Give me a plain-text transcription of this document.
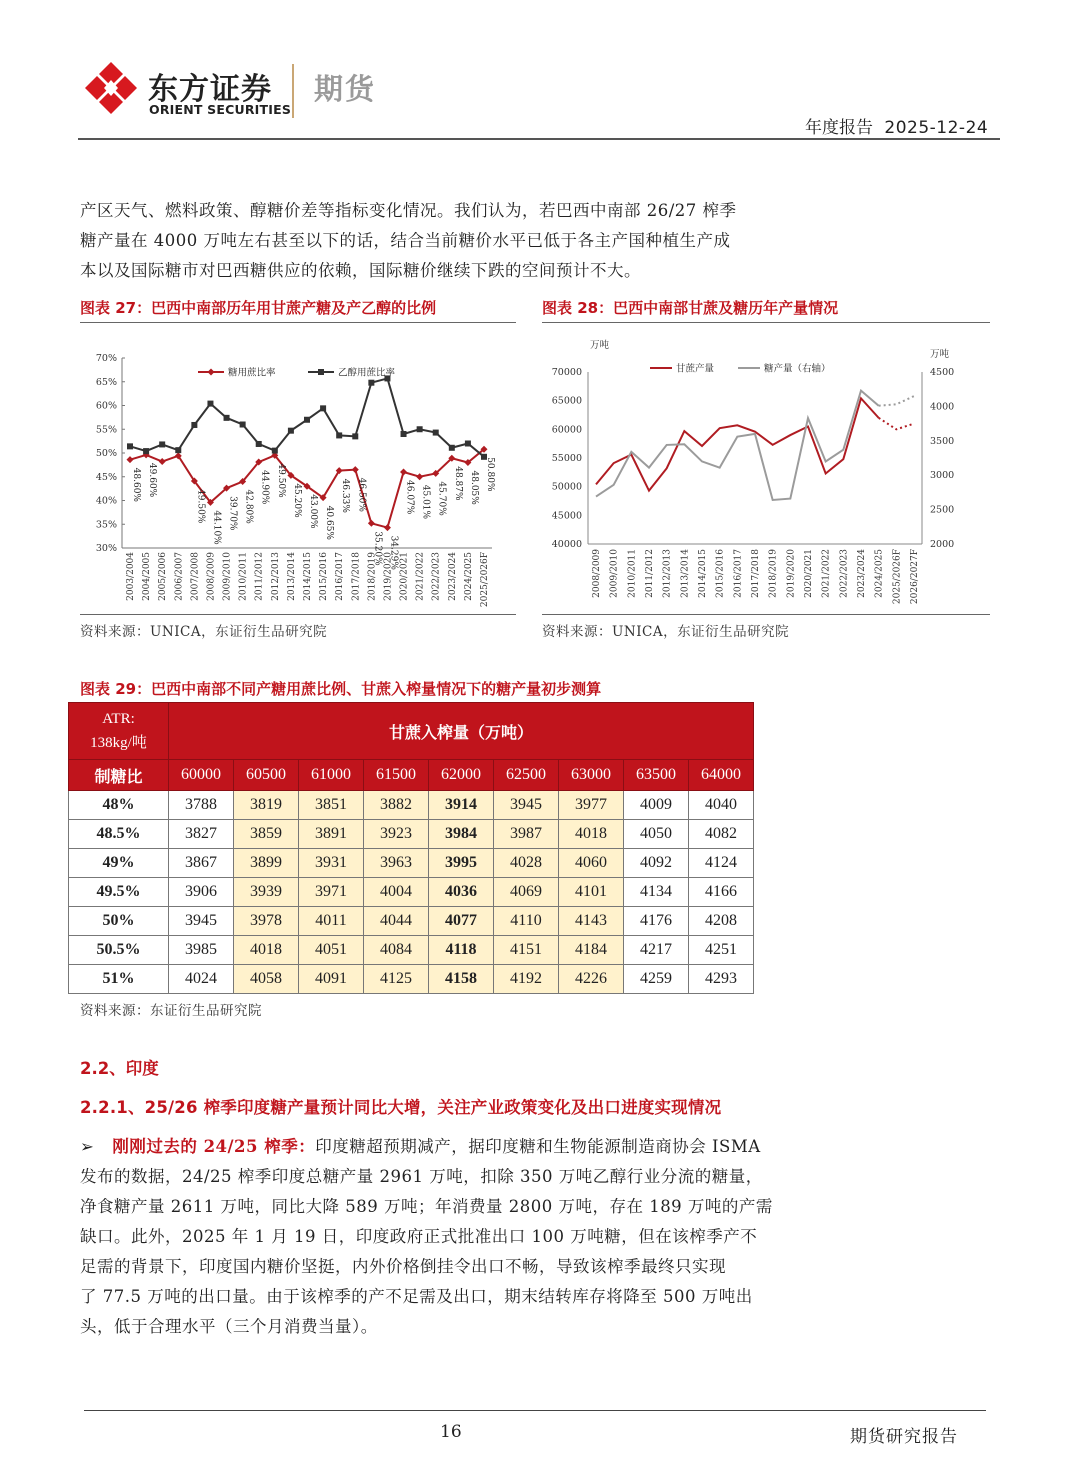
东方证券
ORIENT SECURITIES
期货
年度报告 2025-12-24
产区天气、燃料政策、醇糖价差等指标变化情况。我们认为，若巴西中南部 26/27 榨季
糖产量在 4000 万吨左右甚至以下的话，结合当前糖价水平已低于各主产国种植生产成
本以及国际糖市对巴西糖供应的依赖，国际糖价继续下跌的空间预计不大。
图表 27：巴西中南部历年用甘蔗产糖及产乙醇的比例
30%
35%
40%
45%
50%
55%
60%
65%
70%
2003/2004 2004/2005 2005/2006 2006/2007 2007/2008 2008/2009 2009/2010 2010/2011 2011/2012 2012/2013 2013/2014 2014/2015 2015/2016 2016/2017 2017/2018 2018/2019 2019/2020 2020/2021 2021/2022 2022/2023 2023/2024 2024/2025 2025/2026F
48.60% 49.60%
49.50%
44.10% 39.70% 42.80%
44.90% 49.50%
45.20% 43.00% 40.65%
46.33% 46.50%
35.20% 34.29%
46.07% 45.01% 45.70% 48.87% 48.05% 50.80%
糖用蔗比率	乙醇用蔗比率
资料来源：UNICA，东证衍生品研究院
图表 28：巴西中南部甘蔗及糖历年产量情况
万吨
万吨
40000
45000
50000
55000
60000
65000
70000
2000
2500
3000
3500
4000
4500
2008/2009 2009/2010 2010/2011 2011/2012 2012/2013 2013/2014 2014/2015 2015/2016 2016/2017 2017/2018 2018/2019 2019/2020 2020/2021 2021/2022 2022/2023 2023/2024 2024/2025 2025/2026F 2026/2027F
甘蔗产量	糖产量（右轴）
资料来源：UNICA，东证衍生品研究院
图表 29：巴西中南部不同产糖用蔗比例、甘蔗入榨量情况下的糖产量初步测算
ATR:
138kg/吨	甘蔗入榨量（万吨）								
制糖比	60000	60500	61000	61500	62000	62500	63000	63500	64000
48%	3788	3819	3851	3882	3914	3945	3977	4009	4040
48.5%	3827	3859	3891	3923	3984	3987	4018	4050	4082
49%	3867	3899	3931	3963	3995	4028	4060	4092	4124
49.5%	3906	3939	3971	4004	4036	4069	4101	4134	4166
50%	3945	3978	4011	4044	4077	4110	4143	4176	4208
50.5%	3985	4018	4051	4084	4118	4151	4184	4217	4251
51%	4024	4058	4091	4125	4158	4192	4226	4259	4293
资料来源：东证衍生品研究院
2.2、印度
2.2.1、25/26 榨季印度糖产量预计同比大增，关注产业政策变化及出口进度实现情况
➢ 刚刚过去的 24/25 榨季：印度糖超预期减产，据印度糖和生物能源制造商协会 ISMA
发布的数据，24/25 榨季印度总糖产量 2961 万吨，扣除 350 万吨乙醇行业分流的糖量，
净食糖产量 2611 万吨，同比大降 589 万吨；年消费量 2800 万吨，存在 189 万吨的产需
缺口。此外，2025 年 1 月 19 日，印度政府正式批准出口 100 万吨糖，但在该榨季产不
足需的背景下，印度国内糖价坚挺，内外价格倒挂令出口不畅，导致该榨季最终只实现
了 77.5 万吨的出口量。由于该榨季的产不足需及出口，期末结转库存将降至 500 万吨出
头，低于合理水平（三个月消费当量）。
16	期货研究报告
